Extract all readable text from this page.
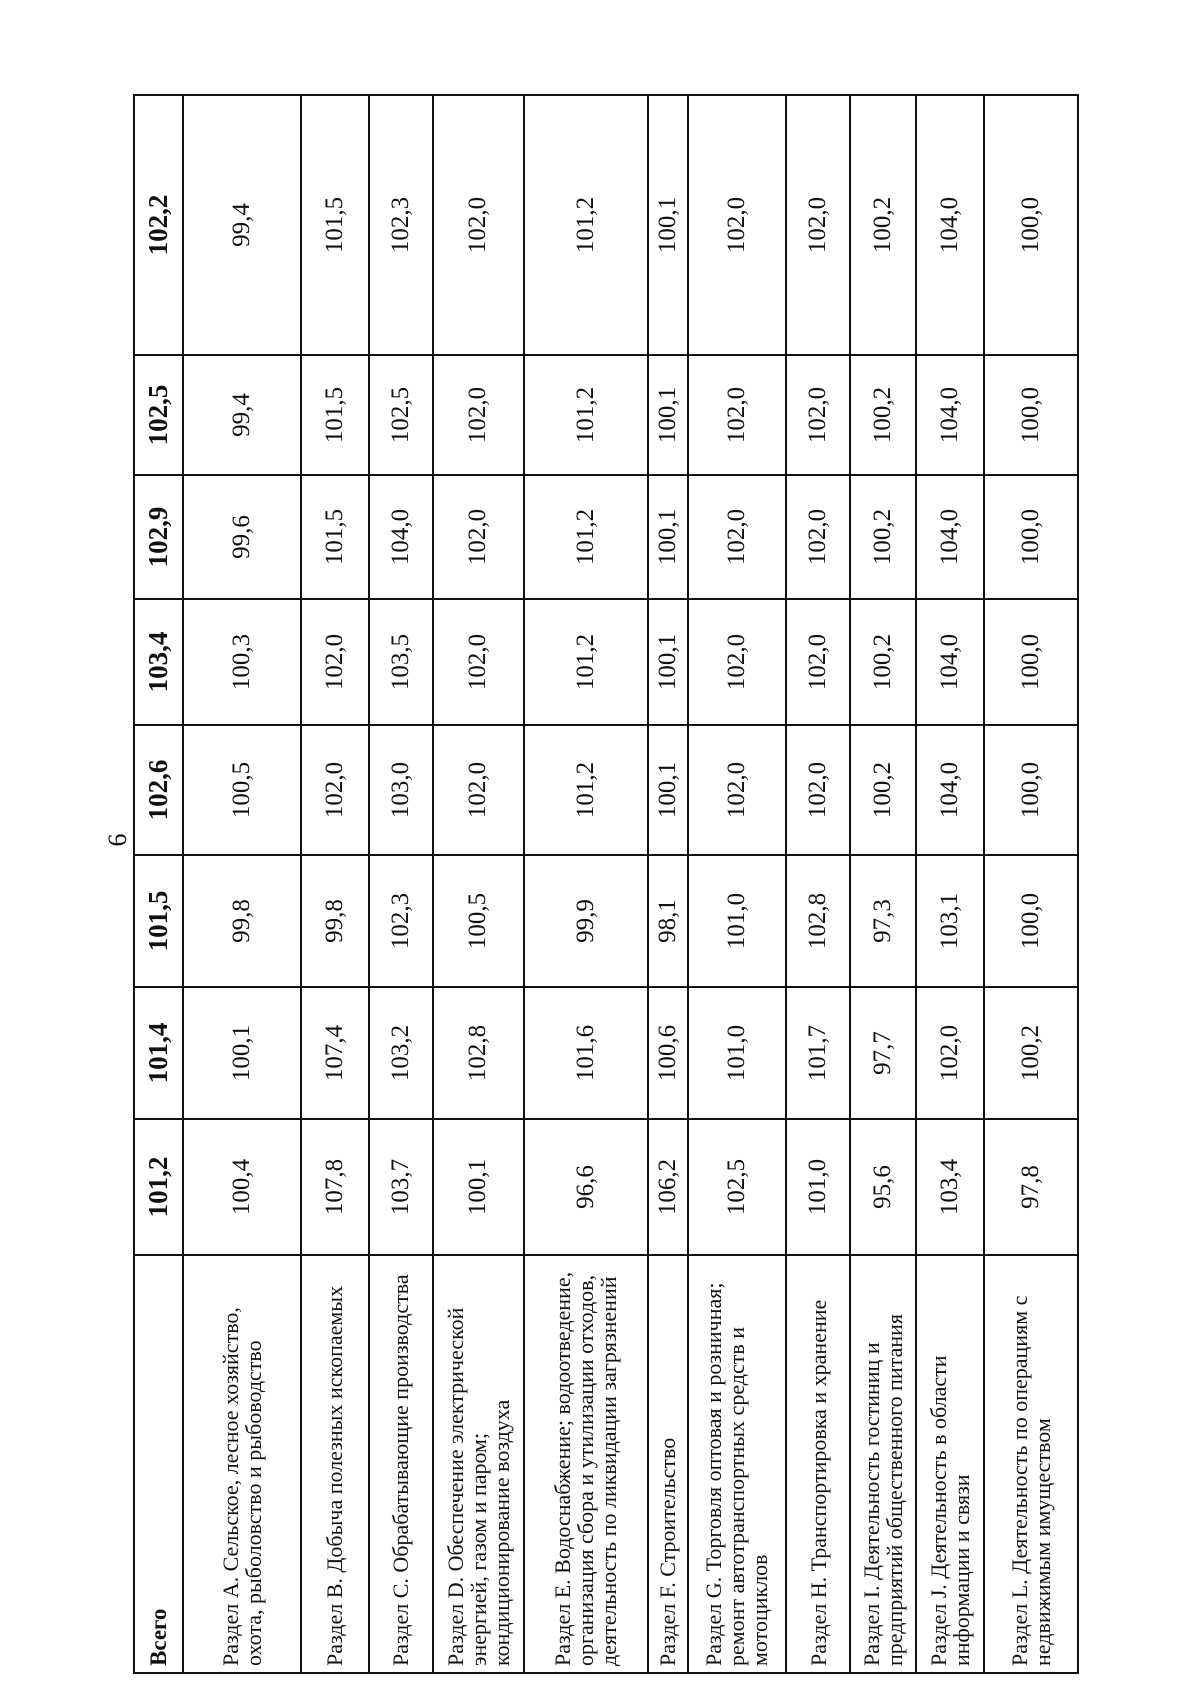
6
Всего	101,2	101,4	101,5	102,6	103,4	102,9	102,5	102,2
Раздел A. Сельское, лесное хозяйство, охота, рыболовство и рыбоводство	100,4	100,1	99,8	100,5	100,3	99,6	99,4	99,4
Раздел B. Добыча полезных ископаемых	107,8	107,4	99,8	102,0	102,0	101,5	101,5	101,5
Раздел C. Обрабатывающие производства	103,7	103,2	102,3	103,0	103,5	104,0	102,5	102,3
Раздел D. Обеспечение электрической энергией, газом и паром; кондиционирование воздуха	100,1	102,8	100,5	102,0	102,0	102,0	102,0	102,0
Раздел E. Водоснабжение; водоотведение, организация сбора и утилизации отходов, деятельность по ликвидации загрязнений	96,6	101,6	99,9	101,2	101,2	101,2	101,2	101,2
Раздел F. Строительство	106,2	100,6	98,1	100,1	100,1	100,1	100,1	100,1
Раздел G. Торговля оптовая и розничная; ремонт автотранспортных средств и мотоциклов	102,5	101,0	101,0	102,0	102,0	102,0	102,0	102,0
Раздел H. Транспортировка и хранение	101,0	101,7	102,8	102,0	102,0	102,0	102,0	102,0
Раздел I. Деятельность гостиниц и предприятий общественного питания	95,6	97,7	97,3	100,2	100,2	100,2	100,2	100,2
Раздел J. Деятельность в области информации и связи	103,4	102,0	103,1	104,0	104,0	104,0	104,0	104,0
Раздел L. Деятельность по операциям с недвижимым имуществом	97,8	100,2	100,0	100,0	100,0	100,0	100,0	100,0
